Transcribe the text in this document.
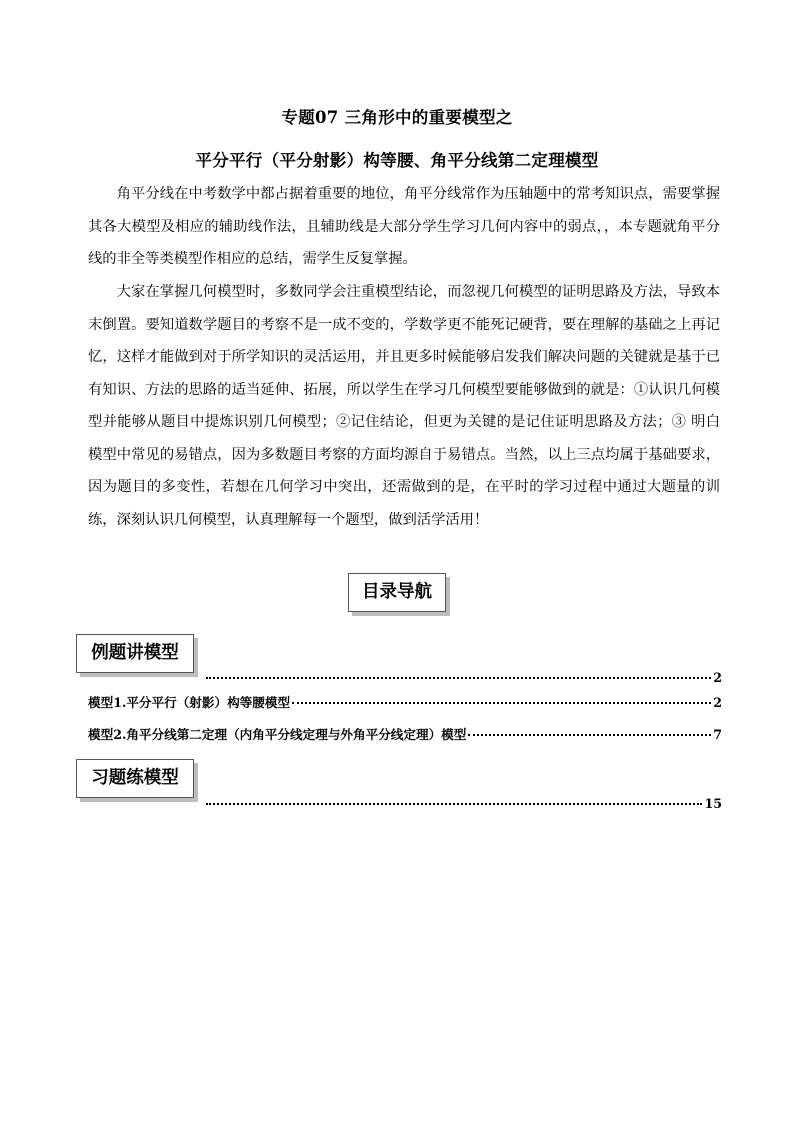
专题07 三角形中的重要模型之
平分平行（平分射影）构等腰、角平分线第二定理模型

角平分线在中考数学中都占据着重要的地位，角平分线常作为压轴题中的常考知识点，需要掌握其各大模型及相应的辅助线作法，且辅助线是大部分学生学习几何内容中的弱点，，本专题就角平分线的非全等类模型作相应的总结，需学生反复掌握。

大家在掌握几何模型时，多数同学会注重模型结论，而忽视几何模型的证明思路及方法，导致本末倒置。要知道数学题目的考察不是一成不变的，学数学更不能死记硬背，要在理解的基础之上再记忆，这样才能做到对于所学知识的灵活运用，并且更多时候能够启发我们解决问题的关键就是基于已有知识、方法的思路的适当延伸、拓展，所以学生在学习几何模型要能够做到的就是：①认识几何模型并能够从题目中提炼识别几何模型；②记住结论，但更为关键的是记住证明思路及方法；③ 明白模型中常见的易错点，因为多数题目考察的方面均源自于易错点。当然，以上三点均属于基础要求，因为题目的多变性，若想在几何学习中突出，还需做到的是，在平时的学习过程中通过大题量的训练，深刻认识几何模型，认真理解每一个题型，做到活学活用！

目录导航
例题讲模型
2
模型1.平分平行（射影）构等腰模型	2
模型2.角平分线第二定理（内角平分线定理与外角平分线定理）模型	7
习题练模型
15
